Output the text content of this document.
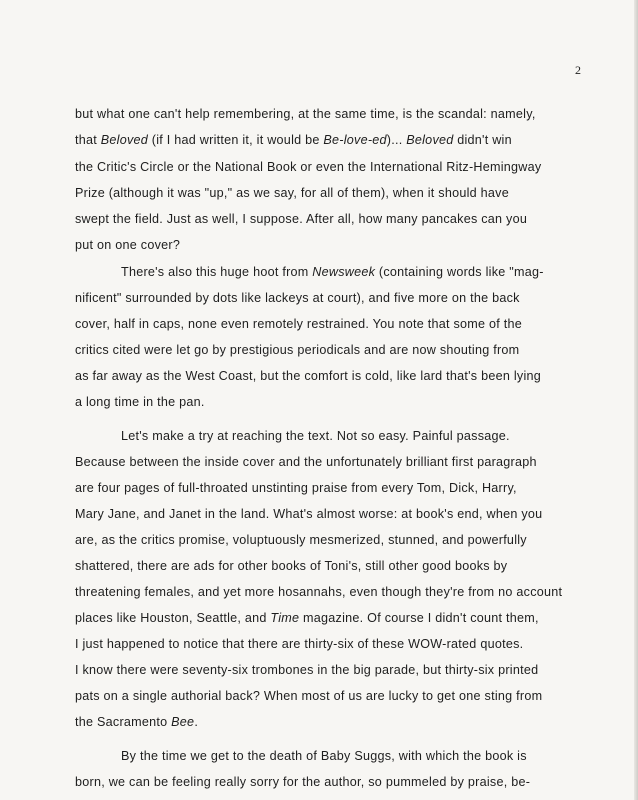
2
but what one can't help remembering, at the same time, is the scandal: namely,
that Beloved (if I had written it, it would be Be-love-ed)... Beloved didn't win
the Critic's Circle or the National Book or even the International Ritz-Hemingway
Prize (although it was "up," as we say, for all of them), when it should have
swept the field. Just as well, I suppose. After all, how many pancakes can you
put on one cover?
There's also this huge hoot from Newsweek (containing words like "mag-
nificent" surrounded by dots like lackeys at court), and five more on the back
cover, half in caps, none even remotely restrained. You note that some of the
critics cited were let go by prestigious periodicals and are now shouting from
as far away as the West Coast, but the comfort is cold, like lard that's been lying
a long time in the pan.
Let's make a try at reaching the text. Not so easy. Painful passage.
Because between the inside cover and the unfortunately brilliant first paragraph
are four pages of full-throated unstinting praise from every Tom, Dick, Harry,
Mary Jane, and Janet in the land. What's almost worse: at book's end, when you
are, as the critics promise, voluptuously mesmerized, stunned, and powerfully
shattered, there are ads for other books of Toni's, still other good books by
threatening females, and yet more hosannahs, even though they're from no account
places like Houston, Seattle, and Time magazine. Of course I didn't count them,
I just happened to notice that there are thirty-six of these WOW-rated quotes.
I know there were seventy-six trombones in the big parade, but thirty-six printed
pats on a single authorial back? When most of us are lucky to get one sting from
the Sacramento Bee.
By the time we get to the death of Baby Suggs, with which the book is
born, we can be feeling really sorry for the author, so pummeled by praise, be-
